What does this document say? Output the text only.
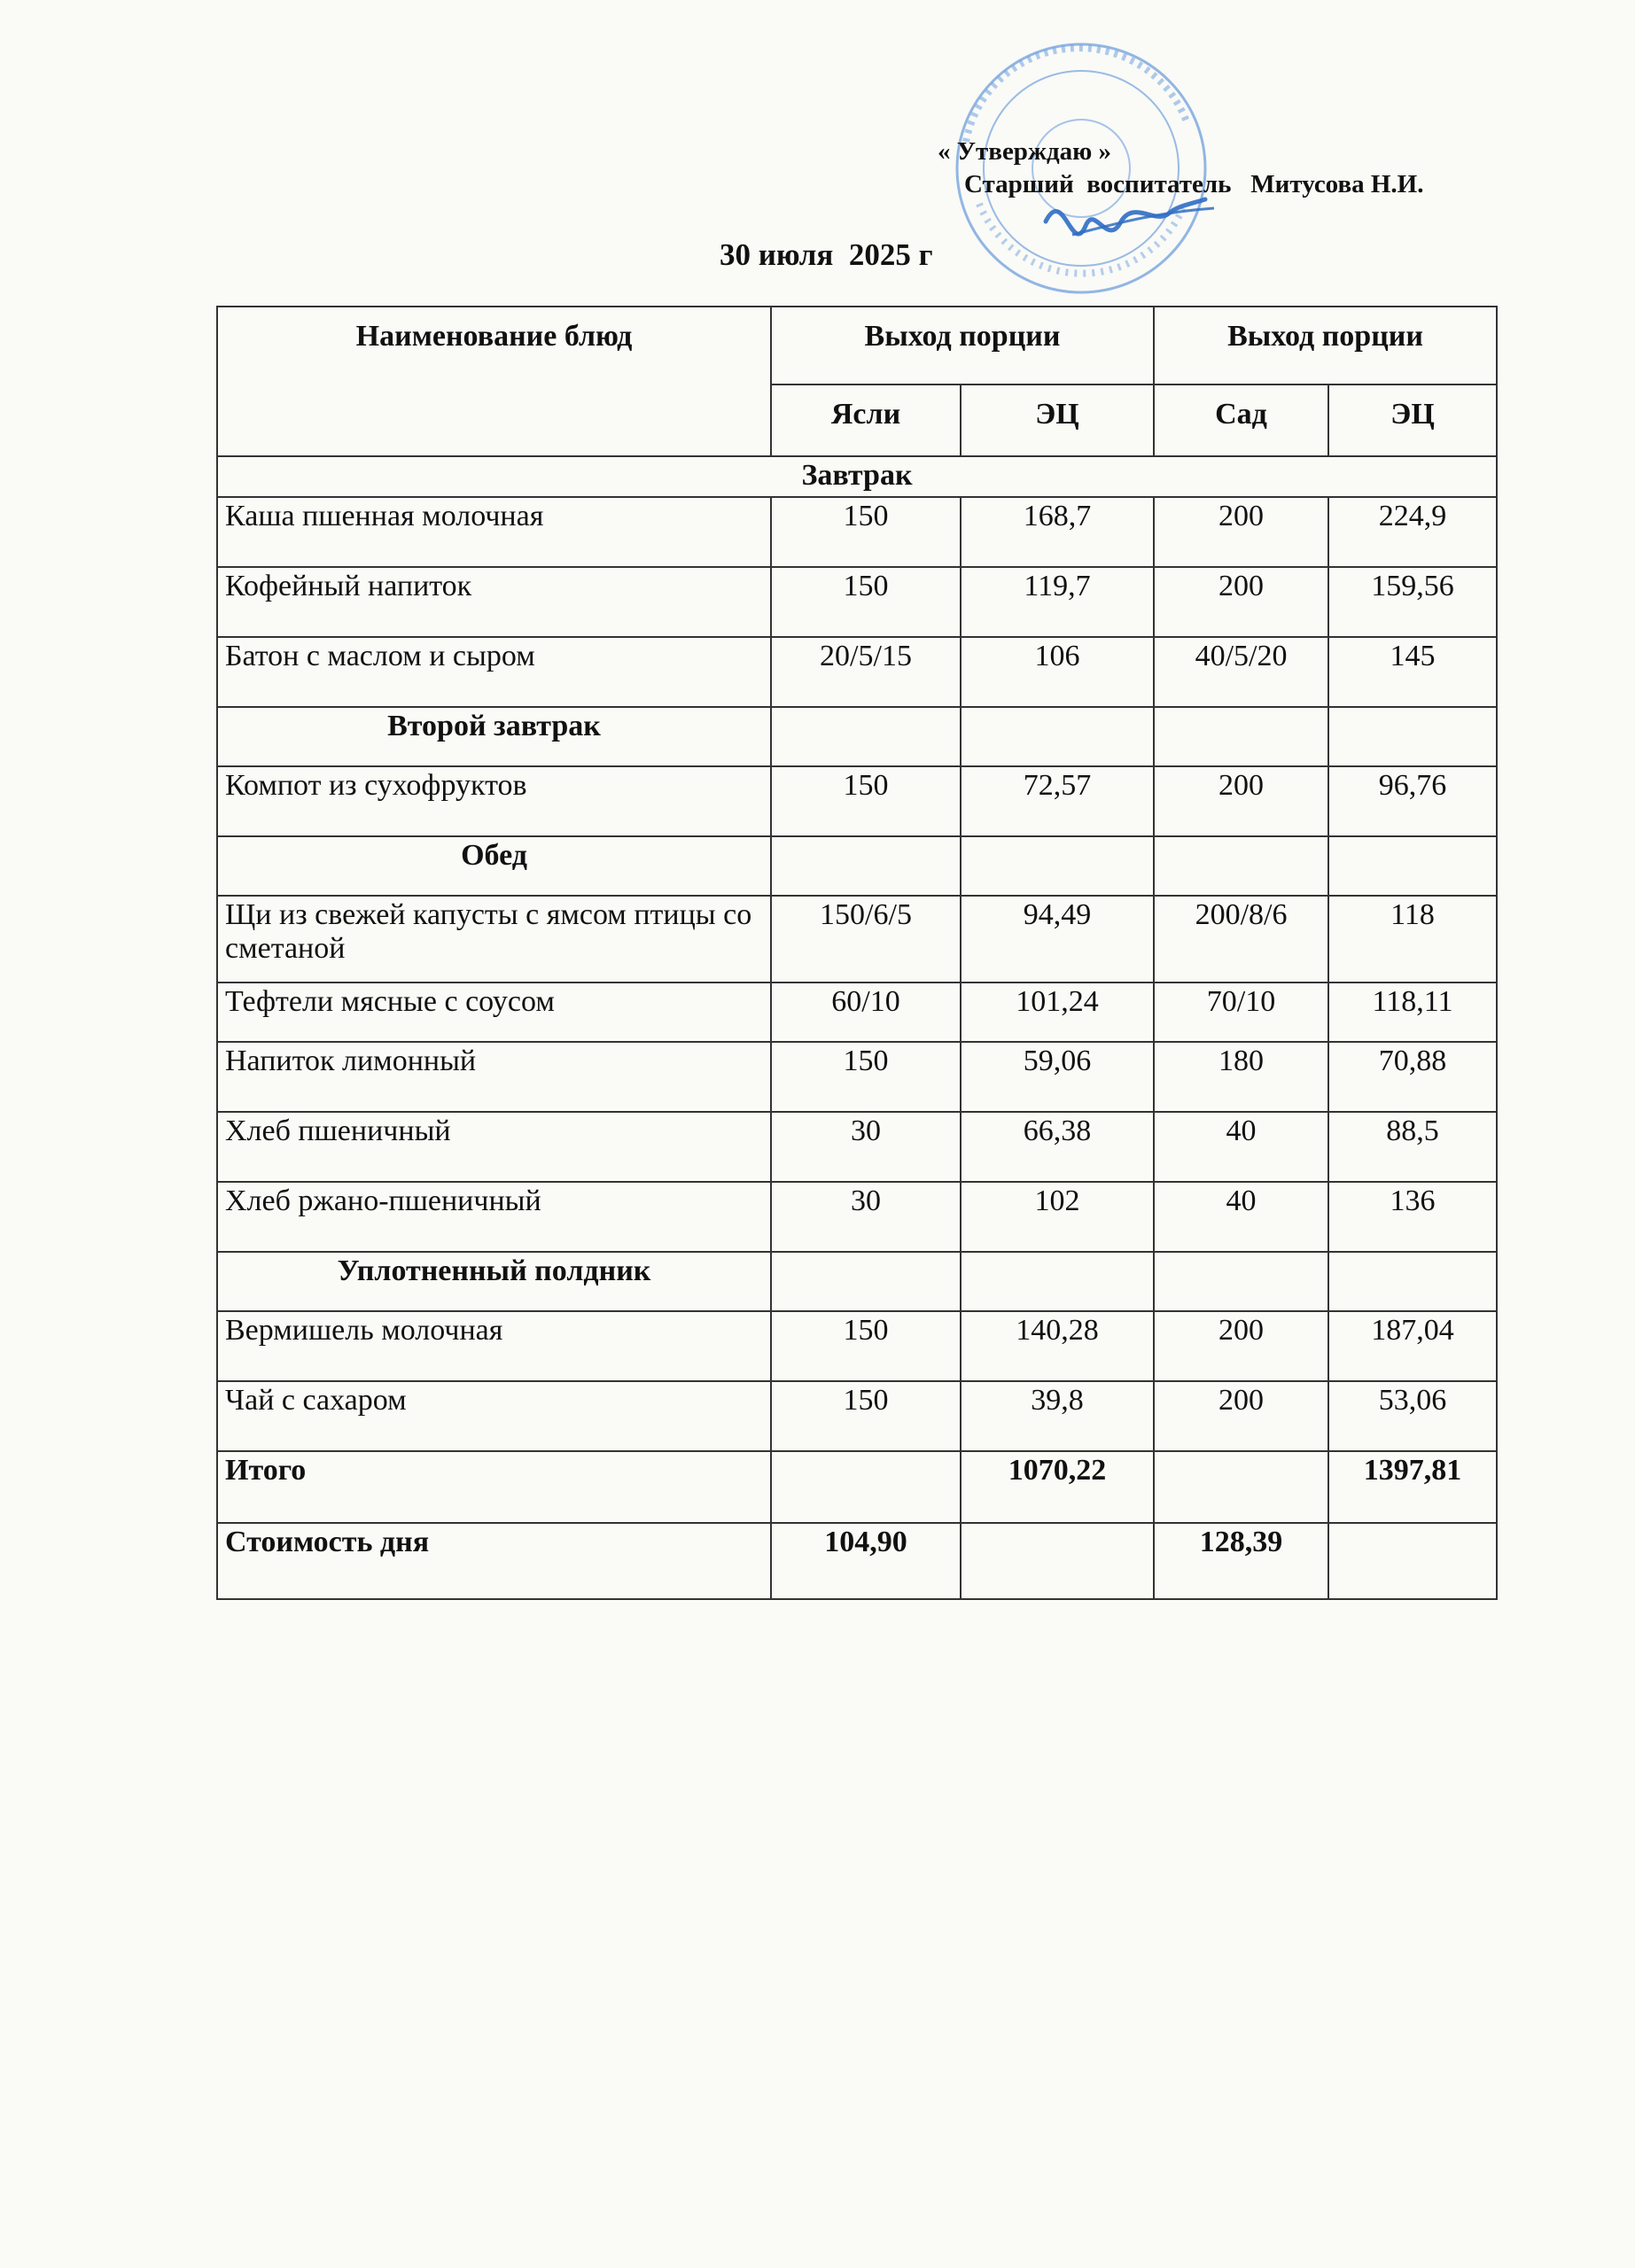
« Утверждаю »
Старший  воспитатель   Митусова Н.И.
30 июля  2025 г
Наименование блюд	Выход порции		Выход порции	
	Ясли	ЭЦ	Сад	ЭЦ
Завтрак				
Каша пшенная молочная	150	168,7	200	224,9
Кофейный напиток	150	119,7	200	159,56
Батон с маслом и сыром	20/5/15	106	40/5/20	145
Второй завтрак				
Компот из сухофруктов	150	72,57	200	96,76
Обед				
Щи из свежей капусты с ямсом птицы со сметаной	150/6/5	94,49	200/8/6	118
Тефтели мясные с соусом	60/10	101,24	70/10	118,11
Напиток лимонный	150	59,06	180	70,88
Хлеб пшеничный	30	66,38	40	88,5
Хлеб ржано-пшеничный	30	102	40	136
Уплотненный полдник				
Вермишель молочная	150	140,28	200	187,04
Чай с сахаром	150	39,8	200	53,06
Итого		1070,22		1397,81
Стоимость дня	104,90		128,39	
